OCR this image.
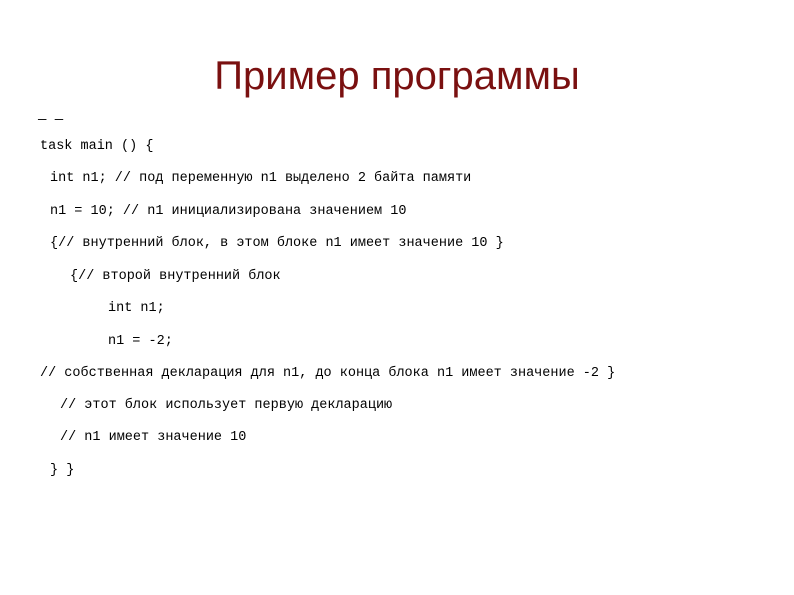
Пример программы
— —
task main () {
int n1; // под переменную n1 выделено 2 байта памяти
n1 = 10; // n1 инициализирована значением 10
{// внутренний блок, в этом блоке n1 имеет значение 10 }
{// второй внутренний блок
int n1;
n1 = -2;
// собственная декларация для n1, до конца блока n1 имеет значение -2 }
// этот блок использует первую декларацию
// n1 имеет значение 10
} }
